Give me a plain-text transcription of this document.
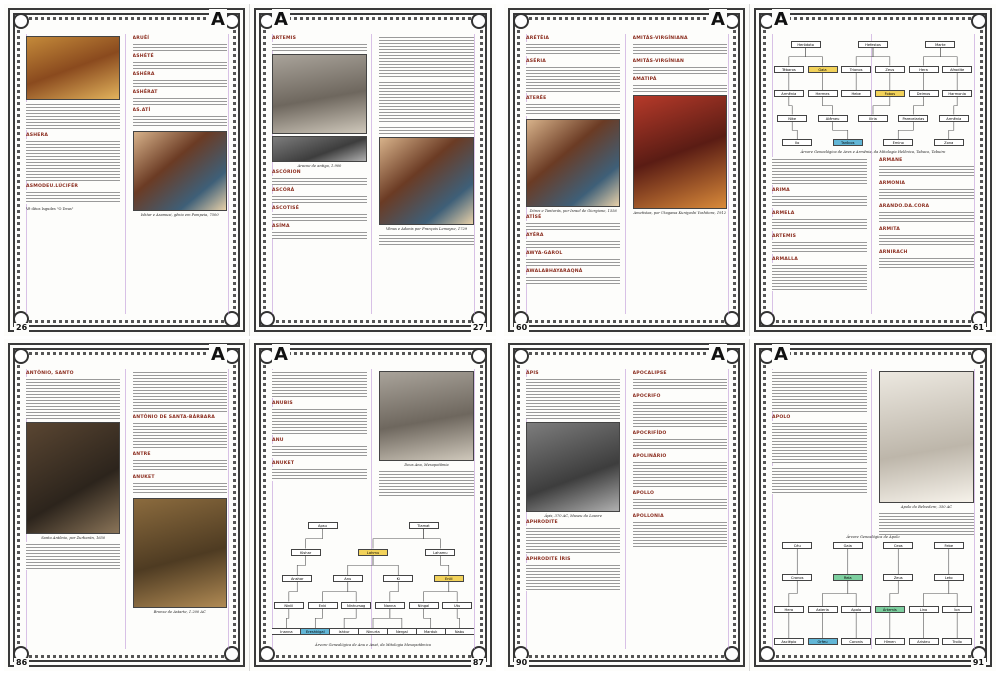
A
26
ASHERA
ASMODEU.LÚCIFÉR
Vê ditos Isgudes "O Deus"
ARUÊÍ
ASHÉTÉ
ASHÉRA
ASHÊRAT
AS.ATÍ
Ishtar e Asamusi, gênio em Pompeia, 7500
A
27
ARTEMIS
Aracne de antiga, 1.900
ASCÓRION
ASCÓRÁ
ASCOTISÉ
ASÍMA	Vênus e Adonis por François Lemoyne, 1729
A
60
ARÉTÊIA
ASÉRIA
ATERÊE
Dóres e Tantorás, por Israel de Giorgione, 1556
ATÍSÉ
AYÉRA
AWYA-GAROL
AWALABHAYARAQNÁ
AMITÁS-VIRGÍNIANA
AMITÁS-VIRGÍNIAN
AMATIPÁ
Ametistas, por Utagawa Kuniyoshi Yoshitora, 1912
A
61
Heródoto	Hefestos	Marte
Tébaros	Gaia	Trionos	Zeus	Hera	Afrodite
Armênia	Hermes	Hebe	Fobos	Deimos	Harmonia
Nike	Alêmeu	Ilíria	Parecelarias	Armênia
Ilo	Tarôcos	Emino	Zona
Árvore Genealógica de Ares e Armênia, da Mitologia Helênica, Tabaco, Tabuiro
ARIMA
ARMELA
ARTEMIS
ARMALLA
ARMANE
ARMONIA
ARANDO.DA.CORA
ARMITA
ARNIRACH
A
86
ANTÔNIO, SANTO
Santo Antônio, por Zurbarán, 1650
ANTÔNIO DE SANTA-BÁRBARA
ANTRE
ANUKET
Bronze de Astarte, 1.200 AC
A
87
ANUBIS
ANU
ANUKET	Deus Ana, Mesopotâmia
Apsu	Tiamat
Kishar	Lahmu	Lahamu
Anshar	Anu	Ki	Enlil
Ninlil	Enki	Ninhursag	Nanna	Ningal	Utu
Inanna	Ereshkigal	Ishkur	Ninurta	Nergal	Marduk	Nabu
Árvore Genealógica de Anu e Anat, da Mitologia Mesopotâmica
A
90
ÁPIS
Ápis, 370 AC, Museu do Louvre
APHRODITE
APHRODITE ÍRIS
APOCALIPSE
APOCRIFO
APOCRIFÍDO
APOLINÁRIO
APOLLO
APOLLONIA
A
91
APOLO
Apolo do Belvedere, 350 AC
Céu	Gaia	Ceos	Febe
Cronos	Reia	Zeus	Leto
Hera	Asteria	Apolo	Ártemis	Lino	Íon
Asclépio	Orfeu	Coronis	Hímen	Aristeu	Troilo
Árvore Genealógica de Apolo
